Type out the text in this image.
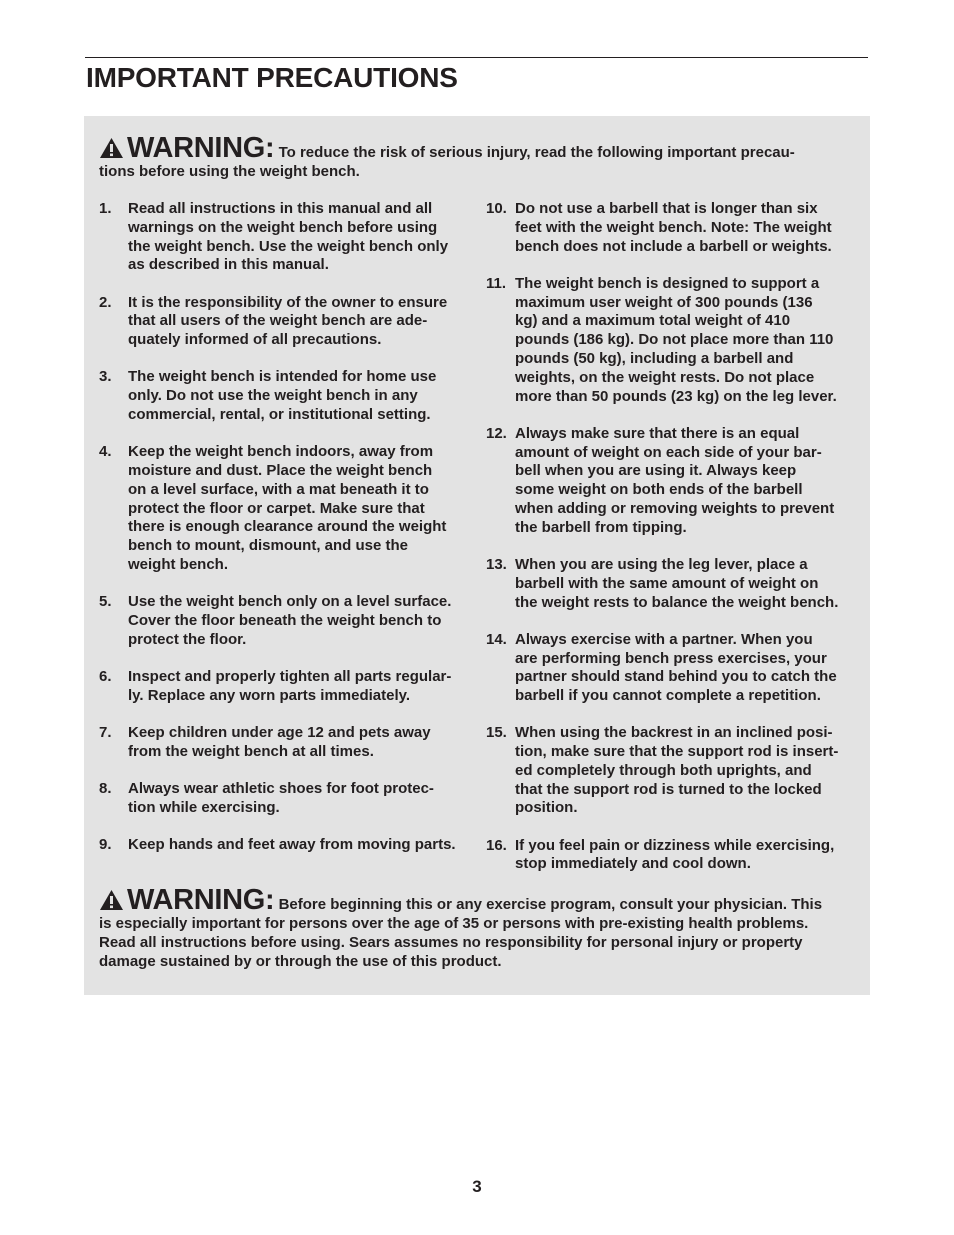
IMPORTANT PRECAUTIONS
WARNING: To reduce the risk of serious injury, read the following important precau-
tions before using the weight bench.
1. Read all instructions in this manual and all
warnings on the weight bench before using
the weight bench. Use the weight bench only
as described in this manual.
2. It is the responsibility of the owner to ensure
that all users of the weight bench are ade-
quately informed of all precautions.
3. The weight bench is intended for home use
only. Do not use the weight bench in any
commercial, rental, or institutional setting.
4. Keep the weight bench indoors, away from
moisture and dust. Place the weight bench
on a level surface, with a mat beneath it to
protect the floor or carpet. Make sure that
there is enough clearance around the weight
bench to mount, dismount, and use the
weight bench.
5. Use the weight bench only on a level surface.
Cover the floor beneath the weight bench to
protect the floor.
6. Inspect and properly tighten all parts regular-
ly. Replace any worn parts immediately.
7. Keep children under age 12 and pets away
from the weight bench at all times.
8. Always wear athletic shoes for foot protec-
tion while exercising.
9. Keep hands and feet away from moving parts.
10. Do not use a barbell that is longer than six
feet with the weight bench. Note: The weight
bench does not include a barbell or weights.
11. The weight bench is designed to support a
maximum user weight of 300 pounds (136
kg) and a maximum total weight of 410
pounds (186 kg). Do not place more than 110
pounds (50 kg), including a barbell and
weights, on the weight rests. Do not place
more than 50 pounds (23 kg) on the leg lever.
12. Always make sure that there is an equal
amount of weight on each side of your bar-
bell when you are using it. Always keep
some weight on both ends of the barbell
when adding or removing weights to prevent
the barbell from tipping.
13. When you are using the leg lever, place a
barbell with the same amount of weight on
the weight rests to balance the weight bench.
14. Always exercise with a partner. When you
are performing bench press exercises, your
partner should stand behind you to catch the
barbell if you cannot complete a repetition.
15. When using the backrest in an inclined posi-
tion, make sure that the support rod is insert-
ed completely through both uprights, and
that the support rod is turned to the locked
position.
16. If you feel pain or dizziness while exercising,
stop immediately and cool down.
WARNING: Before beginning this or any exercise program, consult your physician. This
is especially important for persons over the age of 35 or persons with pre-existing health problems.
Read all instructions before using. Sears assumes no responsibility for personal injury or property
damage sustained by or through the use of this product.
3
